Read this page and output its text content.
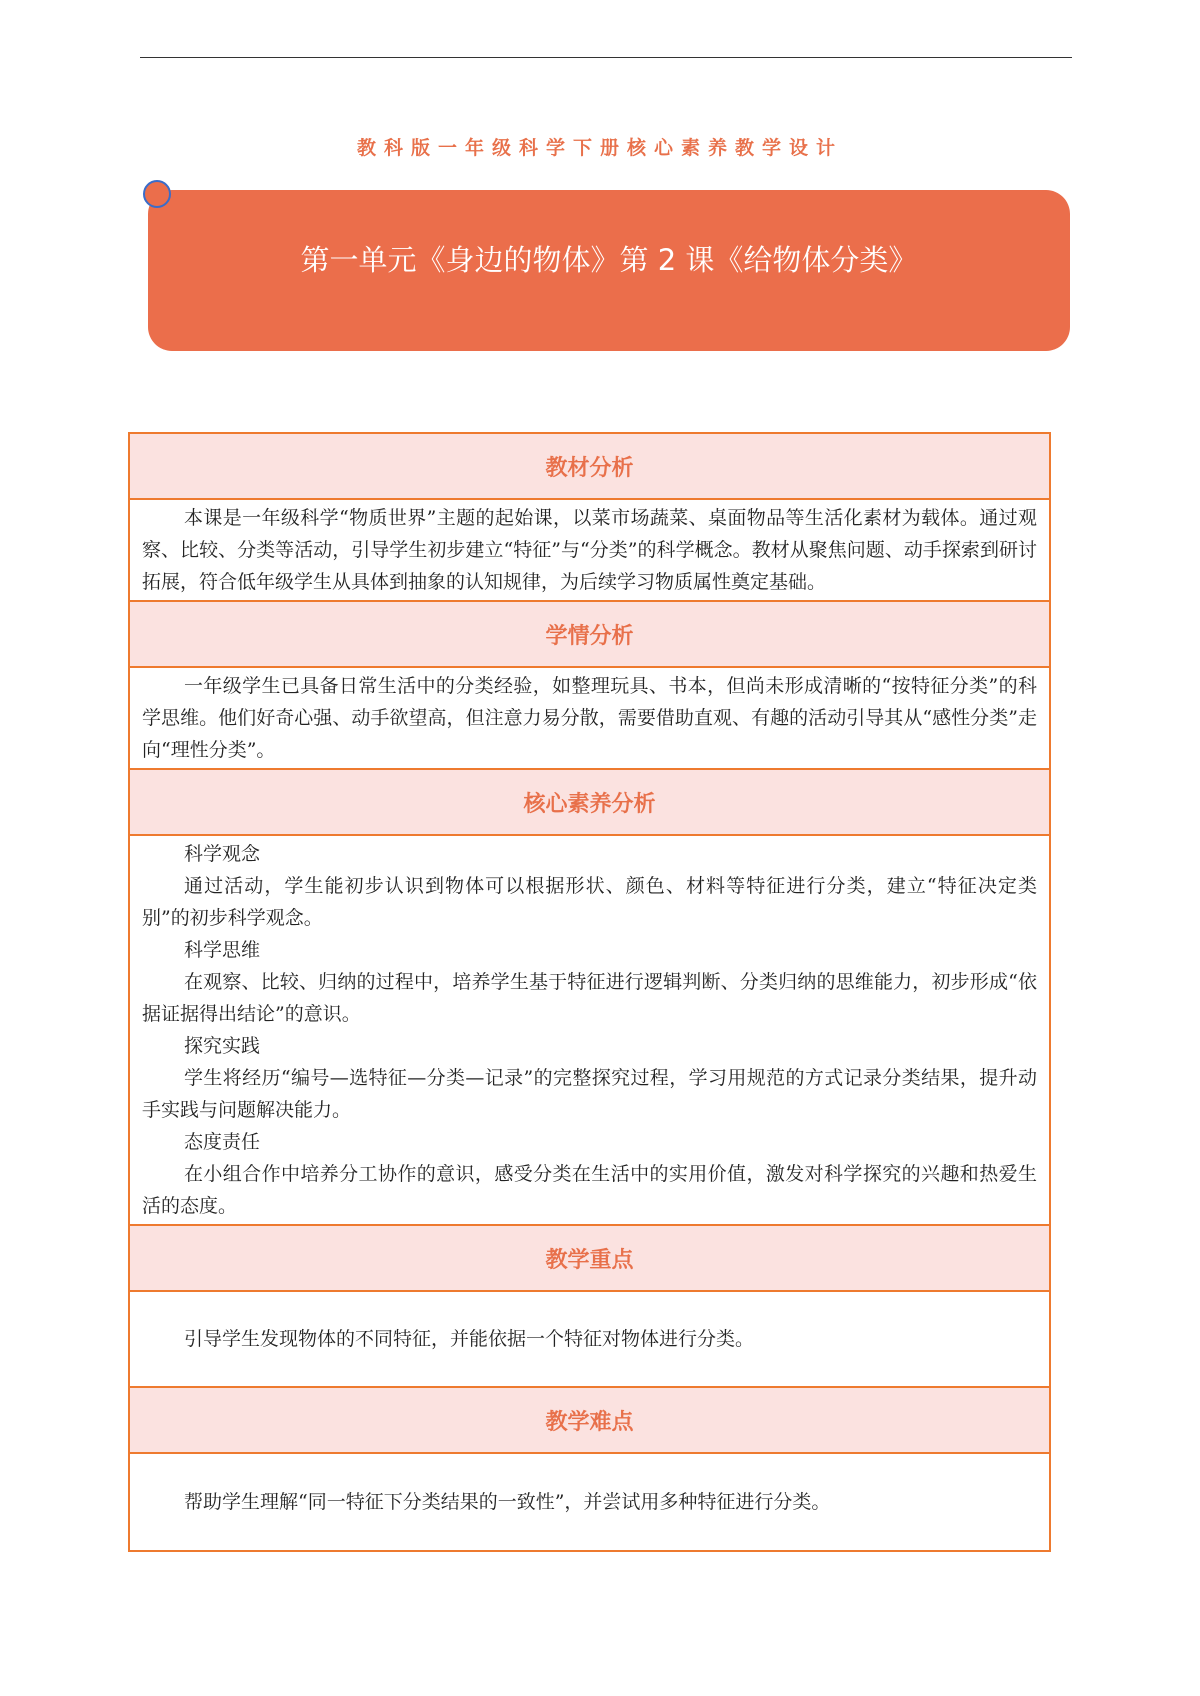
教科版一年级科学下册核心素养教学设计
第一单元《身边的物体》第 2 课《给物体分类》
教材分析

本课是一年级科学“物质世界”主题的起始课，以菜市场蔬菜、桌面物品等生活化素材为载体。通过观察、比较、分类等活动，引导学生初步建立“特征”与“分类”的科学概念。教材从聚焦问题、动手探索到研讨拓展，符合低年级学生从具体到抽象的认知规律，为后续学习物质属性奠定基础。

学情分析

一年级学生已具备日常生活中的分类经验，如整理玩具、书本，但尚未形成清晰的“按特征分类”的科学思维。他们好奇心强、动手欲望高，但注意力易分散，需要借助直观、有趣的活动引导其从“感性分类”走向“理性分类”。

核心素养分析

科学观念

通过活动，学生能初步认识到物体可以根据形状、颜色、材料等特征进行分类，建立“特征决定类别”的初步科学观念。

科学思维

在观察、比较、归纳的过程中，培养学生基于特征进行逻辑判断、分类归纳的思维能力，初步形成“依据证据得出结论”的意识。

探究实践

学生将经历“编号—选特征—分类—记录”的完整探究过程，学习用规范的方式记录分类结果，提升动手实践与问题解决能力。

态度责任

在小组合作中培养分工协作的意识，感受分类在生活中的实用价值，激发对科学探究的兴趣和热爱生活的态度。

教学重点

引导学生发现物体的不同特征，并能依据一个特征对物体进行分类。

教学难点

帮助学生理解“同一特征下分类结果的一致性”，并尝试用多种特征进行分类。
